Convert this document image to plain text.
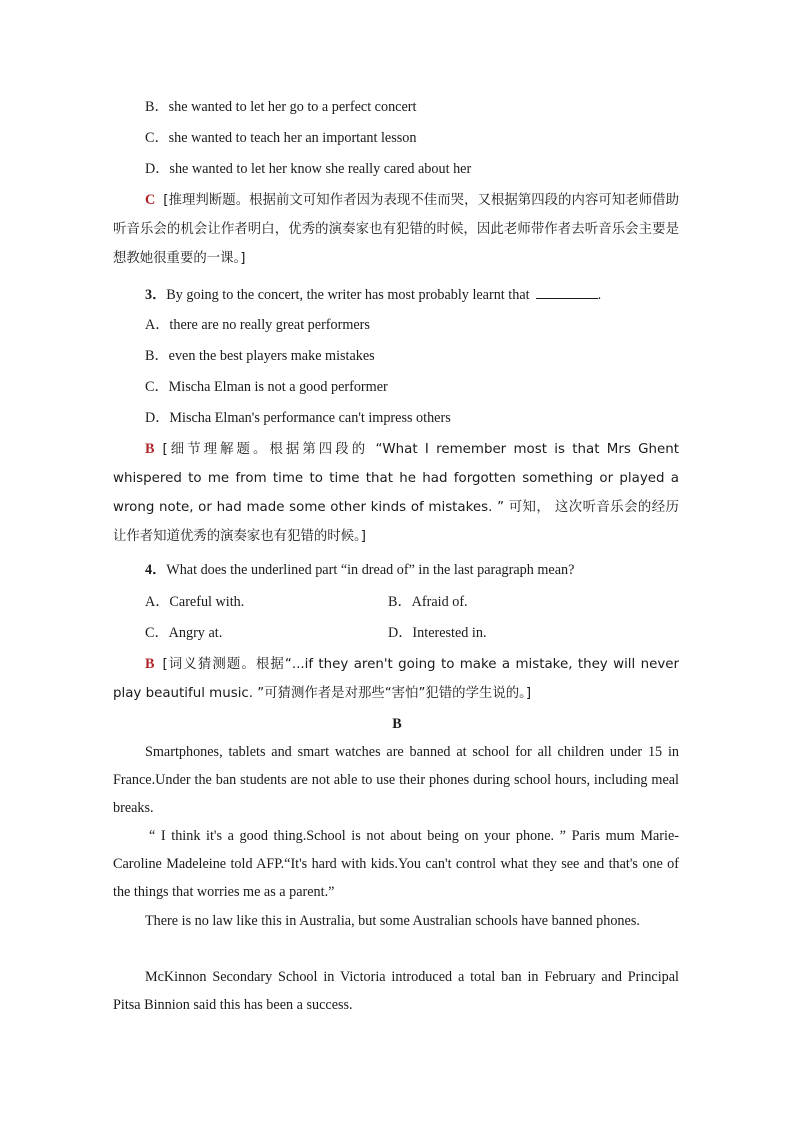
B．she wanted to let her go to a perfect concert
C．she wanted to teach her an important lesson
D．she wanted to let her know she really cared about her
C [推理判断题。根据前文可知作者因为表现不佳而哭，又根据第四段的内容可知老师借助听音乐会的机会让作者明白，优秀的演奏家也有犯错的时候，因此老师带作者去听音乐会主要是想教她很重要的一课。]
3．By going to the concert, the writer has most probably learnt that	.
A．there are no really great performers
B．even the best players make mistakes
C．Mischa Elman is not a good performer
D．Mischa Elman's performance can't impress others
B [细节理解题。根据第四段的 “What I remember most is that Mrs Ghent whispered to me from time to time that he had forgotten something or played a wrong note, or had made some other kinds of mistakes. ” 可知， 这次听音乐会的经历让作者知道优秀的演奏家也有犯错的时候。]
4．What does the underlined part “in dread of” in the last paragraph mean?
A．Careful with.	B．Afraid of.
C．Angry at.	D．Interested in.
B [词义猜测题。根据“...if they aren't going to make a mistake, they will never play beautiful music. ”可猜测作者是对那些“害怕”犯错的学生说的。]
B
Smartphones, tablets and smart watches are banned at school for all children under 15 in France.Under the ban students are not able to use their phones during school hours, including meal breaks.
“ I think it's a good thing.School is not about being on your phone. ” Paris mum Marie-Caroline Madeleine told AFP.“It's hard with kids.You can't control what they see and that's one of the things that worries me as a parent.”
There is no law like this in Australia, but some Australian schools have banned phones.
McKinnon Secondary School in Victoria introduced a total ban in February and Principal Pitsa Binnion said this has been a success.
